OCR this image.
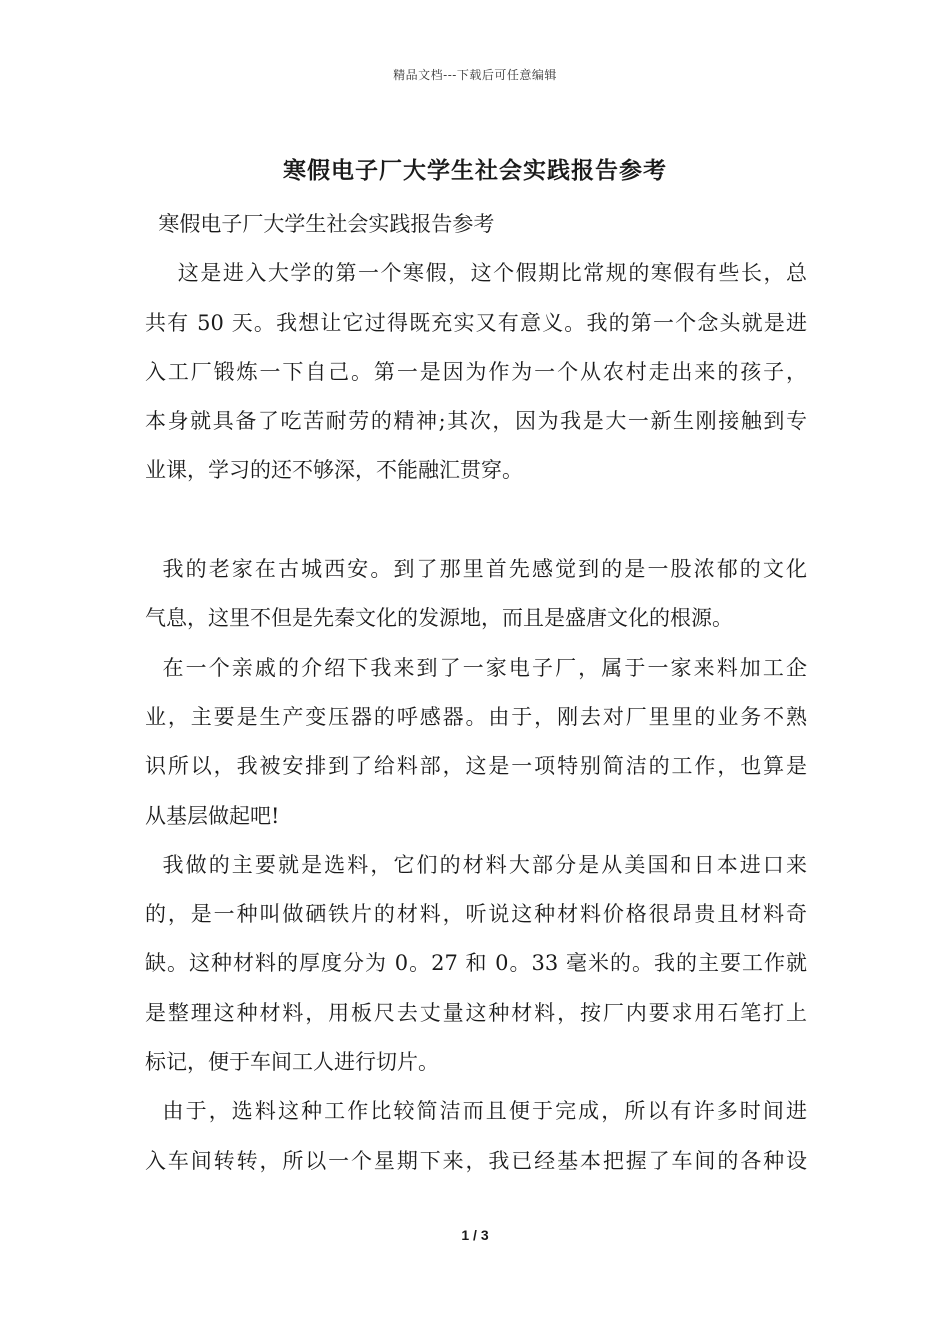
精品文档---下载后可任意编辑
寒假电子厂大学生社会实践报告参考
寒假电子厂大学生社会实践报告参考
这是进入大学的第一个寒假，这个假期比常规的寒假有些长，总
共有 50 天。我想让它过得既充实又有意义。我的第一个念头就是进
入工厂锻炼一下自己。第一是因为作为一个从农村走出来的孩子，
本身就具备了吃苦耐劳的精神;其次，因为我是大一新生刚接触到专
业课，学习的还不够深，不能融汇贯穿。
我的老家在古城西安。到了那里首先感觉到的是一股浓郁的文化
气息，这里不但是先秦文化的发源地，而且是盛唐文化的根源。
在一个亲戚的介绍下我来到了一家电子厂，属于一家来料加工企
业，主要是生产变压器的呼感器。由于，刚去对厂里里的业务不熟
识所以，我被安排到了给料部，这是一项特别简洁的工作，也算是
从基层做起吧!
我做的主要就是选料，它们的材料大部分是从美国和日本进口来
的，是一种叫做硒铁片的材料，听说这种材料价格很昂贵且材料奇
缺。这种材料的厚度分为 0。27 和 0。33 毫米的。我的主要工作就
是整理这种材料，用板尺去丈量这种材料，按厂内要求用石笔打上
标记，便于车间工人进行切片。
由于，选料这种工作比较简洁而且便于完成，所以有许多时间进
入车间转转，所以一个星期下来，我已经基本把握了车间的各种设
1 / 3
